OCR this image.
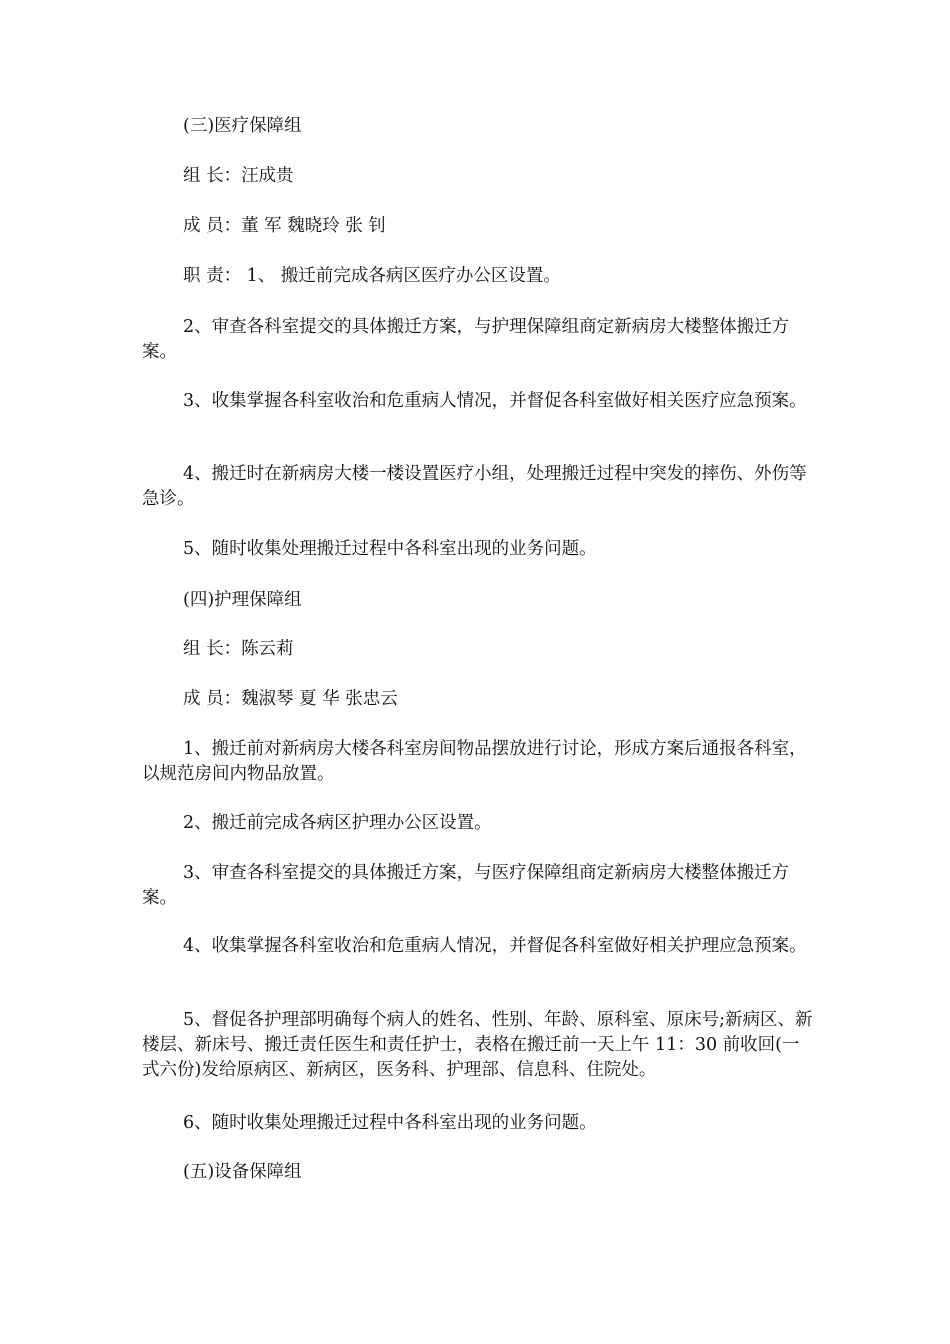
(三)医疗保障组

组 长：汪成贵

成 员：董 军 魏晓玲 张 钊

职 责： 1、 搬迁前完成各病区医疗办公区设置。

2、审查各科室提交的具体搬迁方案，与护理保障组商定新病房大楼整体搬迁方案。

3、收集掌握各科室收治和危重病人情况，并督促各科室做好相关医疗应急预案。

4、搬迁时在新病房大楼一楼设置医疗小组，处理搬迁过程中突发的摔伤、外伤等急诊。

5、随时收集处理搬迁过程中各科室出现的业务问题。

(四)护理保障组

组 长：陈云莉

成 员：魏淑琴 夏 华 张忠云

1、搬迁前对新病房大楼各科室房间物品摆放进行讨论，形成方案后通报各科室，以规范房间内物品放置。

2、搬迁前完成各病区护理办公区设置。

3、审查各科室提交的具体搬迁方案，与医疗保障组商定新病房大楼整体搬迁方案。

4、收集掌握各科室收治和危重病人情况，并督促各科室做好相关护理应急预案。

5、督促各护理部明确每个病人的姓名、性别、年龄、原科室、原床号;新病区、新楼层、新床号、搬迁责任医生和责任护士，表格在搬迁前一天上午 11：30 前收回(一式六份)发给原病区、新病区，医务科、护理部、信息科、住院处。

6、随时收集处理搬迁过程中各科室出现的业务问题。

(五)设备保障组
